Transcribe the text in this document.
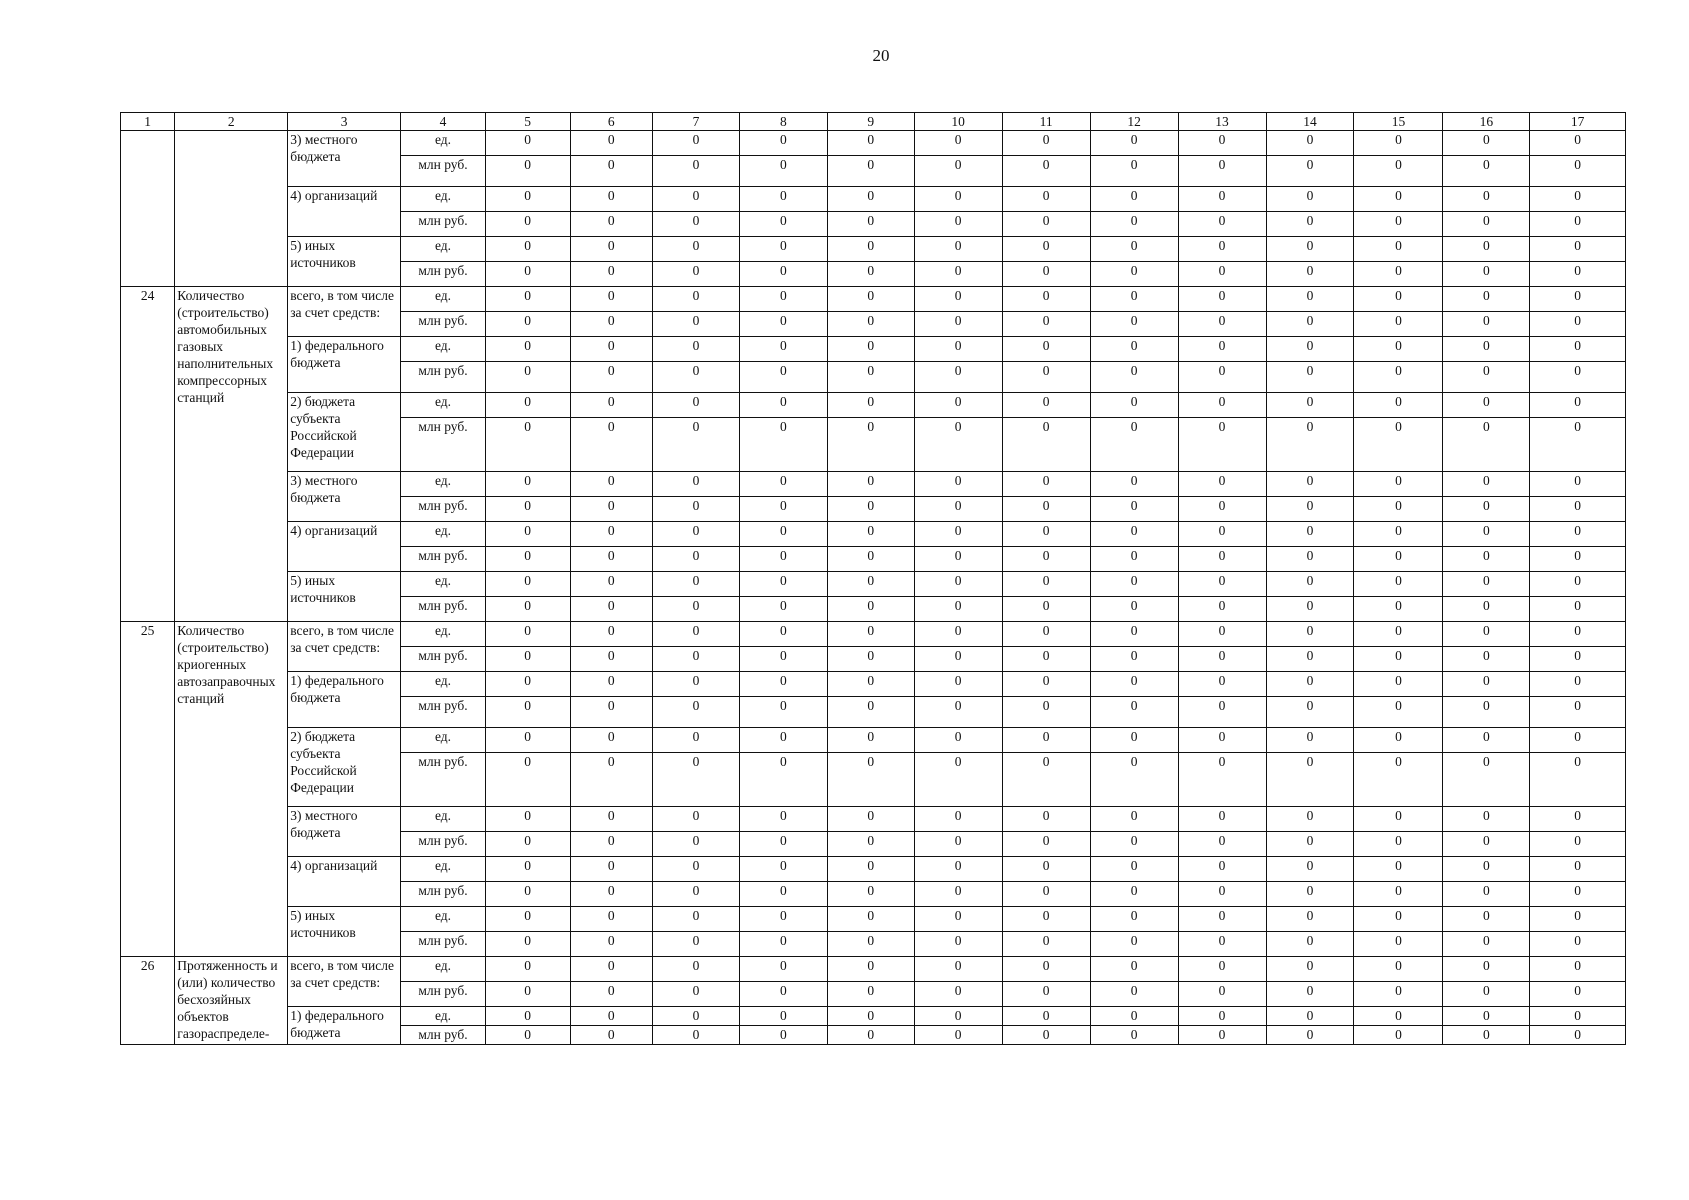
20
1	2	3	4	5	6	7	8	9	10	11	12	13	14	15	16	17
		3) местного бюджета	ед.	0	0	0	0	0	0	0	0	0	0	0	0	0
			млн руб.	0	0	0	0	0	0	0	0	0	0	0	0	0
		4) организаций	ед.	0	0	0	0	0	0	0	0	0	0	0	0	0
			млн руб.	0	0	0	0	0	0	0	0	0	0	0	0	0
		5) иных источников	ед.	0	0	0	0	0	0	0	0	0	0	0	0	0
			млн руб.	0	0	0	0	0	0	0	0	0	0	0	0	0
24	Количество (строительство) автомобильных газовых наполнительных компрессорных станций	всего, в том числе за счет средств:	ед.	0	0	0	0	0	0	0	0	0	0	0	0	0
			млн руб.	0	0	0	0	0	0	0	0	0	0	0	0	0
		1) федерального бюджета	ед.	0	0	0	0	0	0	0	0	0	0	0	0	0
			млн руб.	0	0	0	0	0	0	0	0	0	0	0	0	0
		2) бюджета субъекта Российской Федерации	ед.	0	0	0	0	0	0	0	0	0	0	0	0	0
			млн руб.	0	0	0	0	0	0	0	0	0	0	0	0	0
		3) местного бюджета	ед.	0	0	0	0	0	0	0	0	0	0	0	0	0
			млн руб.	0	0	0	0	0	0	0	0	0	0	0	0	0
		4) организаций	ед.	0	0	0	0	0	0	0	0	0	0	0	0	0
			млн руб.	0	0	0	0	0	0	0	0	0	0	0	0	0
		5) иных источников	ед.	0	0	0	0	0	0	0	0	0	0	0	0	0
			млн руб.	0	0	0	0	0	0	0	0	0	0	0	0	0
25	Количество (строительство) криогенных автозаправочных станций	всего, в том числе за счет средств:	ед.	0	0	0	0	0	0	0	0	0	0	0	0	0
			млн руб.	0	0	0	0	0	0	0	0	0	0	0	0	0
		1) федерального бюджета	ед.	0	0	0	0	0	0	0	0	0	0	0	0	0
			млн руб.	0	0	0	0	0	0	0	0	0	0	0	0	0
		2) бюджета субъекта Российской Федерации	ед.	0	0	0	0	0	0	0	0	0	0	0	0	0
			млн руб.	0	0	0	0	0	0	0	0	0	0	0	0	0
		3) местного бюджета	ед.	0	0	0	0	0	0	0	0	0	0	0	0	0
			млн руб.	0	0	0	0	0	0	0	0	0	0	0	0	0
		4) организаций	ед.	0	0	0	0	0	0	0	0	0	0	0	0	0
			млн руб.	0	0	0	0	0	0	0	0	0	0	0	0	0
		5) иных источников	ед.	0	0	0	0	0	0	0	0	0	0	0	0	0
			млн руб.	0	0	0	0	0	0	0	0	0	0	0	0	0
26	Протяженность и (или) количество бесхозяйных объектов газораспределе-	всего, в том числе за счет средств:	ед.	0	0	0	0	0	0	0	0	0	0	0	0	0
			млн руб.	0	0	0	0	0	0	0	0	0	0	0	0	0
		1) федерального бюджета	ед.	0	0	0	0	0	0	0	0	0	0	0	0	0
			млн руб.	0	0	0	0	0	0	0	0	0	0	0	0	0
